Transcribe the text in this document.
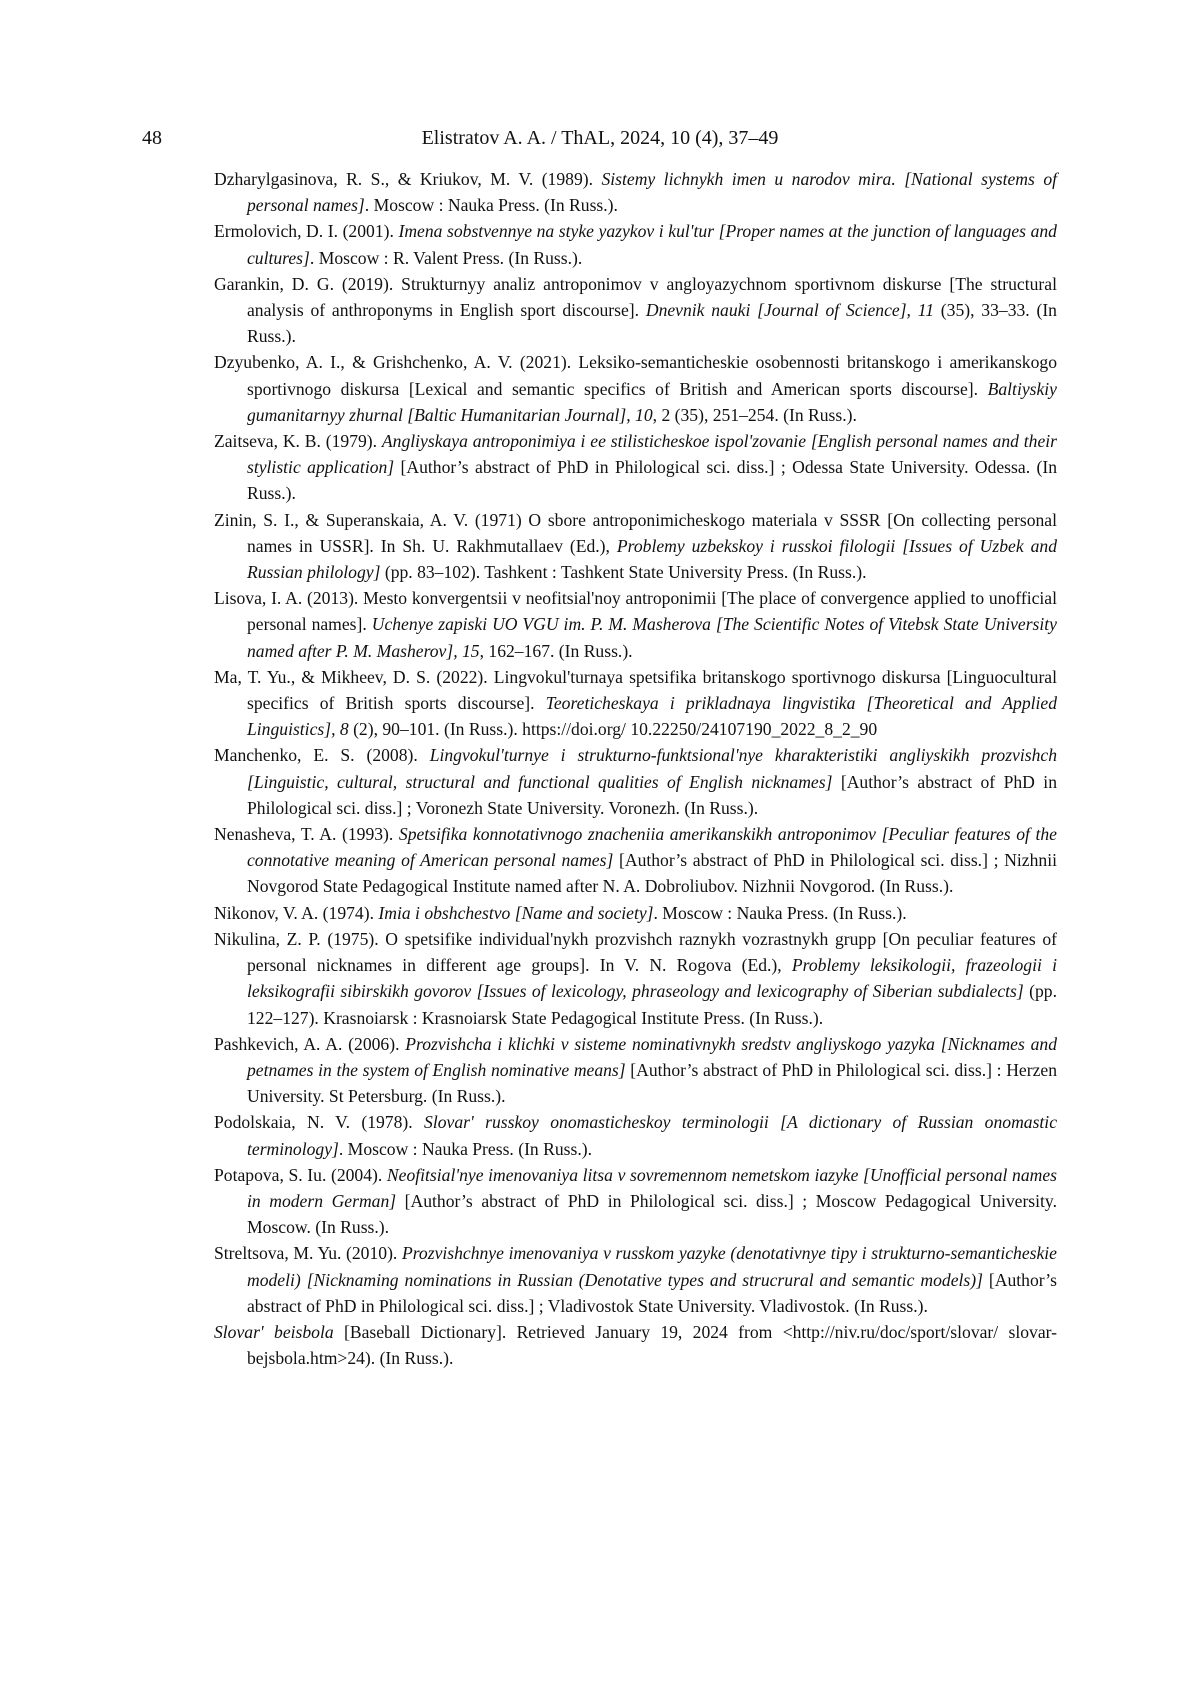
48	Elistratov A. A. / ThAL, 2024, 10 (4), 37–49

Dzharylgasinova, R. S., & Kriukov, M. V. (1989). Sistemy lichnykh imen u narodov mira. [National systems of personal names]. Moscow : Nauka Press. (In Russ.).

Ermolovich, D. I. (2001). Imena sobstvennye na styke yazykov i kul'tur [Proper names at the junction of languages and cultures]. Moscow : R. Valent Press. (In Russ.).

Garankin, D. G. (2019). Strukturnyy analiz antroponimov v angloyazychnom sportivnom diskurse [The structural analysis of anthroponyms in English sport discourse]. Dnevnik nauki [Journal of Science], 11 (35), 33–33. (In Russ.).

Dzyubenko, A. I., & Grishchenko, A. V. (2021). Leksiko-semanticheskie osobennosti britanskogo i amerikanskogo sportivnogo diskursa [Lexical and semantic specifics of British and American sports discourse]. Baltiyskiy gumanitarnyy zhurnal [Baltic Humanitarian Journal], 10, 2 (35), 251–254. (In Russ.).

Zaitseva, K. B. (1979). Angliyskaya antroponimiya i ee stilisticheskoe ispol'zovanie [English personal names and their stylistic application] [Author’s abstract of PhD in Philological sci. diss.] ; Odessa State University. Odessa. (In Russ.).

Zinin, S. I., & Superanskaia, A. V. (1971) O sbore antroponimicheskogo materiala v SSSR [On collecting personal names in USSR]. In Sh. U. Rakhmutallaev (Ed.), Problemy uzbekskoy i russkoi filologii [Issues of Uzbek and Russian philology] (pp. 83–102). Tashkent : Tashkent State University Press. (In Russ.).

Lisova, I. A. (2013). Mesto konvergentsii v neofitsial'noy antroponimii [The place of convergence applied to unofficial personal names]. Uchenye zapiski UO VGU im. P. M. Masherova [The Scientific Notes of Vitebsk State University named after P. M. Masherov], 15, 162–167. (In Russ.).

Ma, T. Yu., & Mikheev, D. S. (2022). Lingvokul'turnaya spetsifika britanskogo sportivnogo diskursa [Linguocultural specifics of British sports discourse]. Teoreticheskaya i prikladnaya lingvistika [Theoretical and Applied Linguistics], 8 (2), 90–101. (In Russ.). https://doi.org/ 10.22250/24107190_2022_8_2_90

Manchenko, E. S. (2008). Lingvokul'turnye i strukturno-funktsional'nye kharakteristiki angliyskikh prozvishch [Linguistic, cultural, structural and functional qualities of English nicknames] [Author’s abstract of PhD in Philological sci. diss.] ; Voronezh State University. Voronezh. (In Russ.).

Nenasheva, T. A. (1993). Spetsifika konnotativnogo znacheniia amerikanskikh antroponimov [Peculiar features of the connotative meaning of American personal names] [Author’s abstract of PhD in Philological sci. diss.] ; Nizhnii Novgorod State Pedagogical Institute named after N. A. Dobroliubov. Nizhnii Novgorod. (In Russ.).

Nikonov, V. A. (1974). Imia i obshchestvo [Name and society]. Moscow : Nauka Press. (In Russ.).

Nikulina, Z. P. (1975). O spetsifike individual'nykh prozvishch raznykh vozrastnykh grupp [On peculiar features of personal nicknames in different age groups]. In V. N. Rogova (Ed.), Problemy leksikologii, frazeologii i leksikografii sibirskikh govorov [Issues of lexicology, phraseology and lexicography of Siberian subdialects] (pp. 122–127). Krasnoiarsk : Krasnoiarsk State Pedagogical Institute Press. (In Russ.).

Pashkevich, A. A. (2006). Prozvishcha i klichki v sisteme nominativnykh sredstv angliyskogo yazyka [Nicknames and petnames in the system of English nominative means] [Author’s abstract of PhD in Philological sci. diss.] : Herzen University. St Petersburg. (In Russ.).

Podolskaia, N. V. (1978). Slovar' russkoy onomasticheskoy terminologii [A dictionary of Russian onomastic terminology]. Moscow : Nauka Press. (In Russ.).

Potapova, S. Iu. (2004). Neofitsial'nye imenovaniya litsa v sovremennom nemetskom iazyke [Unofficial personal names in modern German] [Author’s abstract of PhD in Philological sci. diss.] ; Moscow Pedagogical University. Moscow. (In Russ.).

Streltsova, M. Yu. (2010). Prozvishchnye imenovaniya v russkom yazyke (denotativnye tipy i strukturno-semanticheskie modeli) [Nicknaming nominations in Russian (Denotative types and strucrural and semantic models)] [Author’s abstract of PhD in Philological sci. diss.] ; Vladivostok State University. Vladivostok. (In Russ.).

Slovar' beisbola [Baseball Dictionary]. Retrieved January 19, 2024 from <http://niv.ru/doc/sport/slovar/ slovar-bejsbola.htm>24). (In Russ.).
